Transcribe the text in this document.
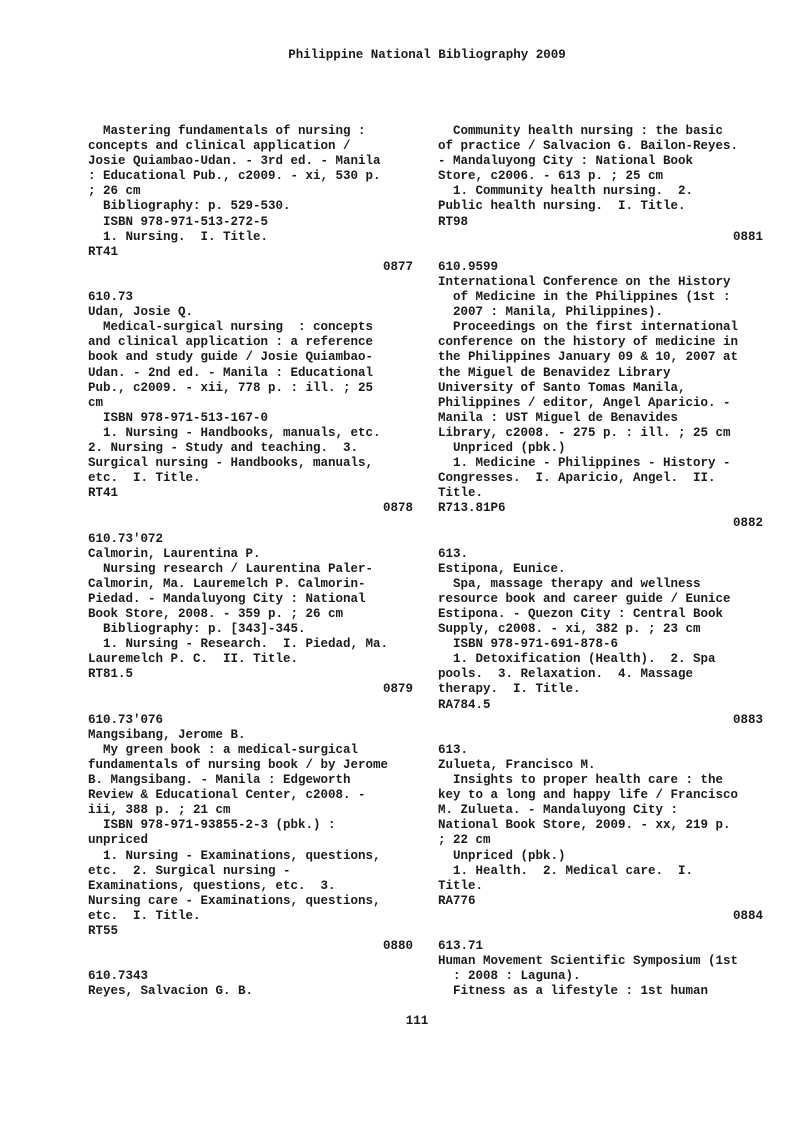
Philippine National Bibliography 2009
Mastering fundamentals of nursing :
concepts and clinical application /
Josie Quiambao-Udan. - 3rd ed. - Manila
: Educational Pub., c2009. - xi, 530 p.
; 26 cm
Bibliography: p. 529-530.
ISBN 978-971-513-272-5
1. Nursing.  I. Title.
RT41
0877
610.73
Udan, Josie Q.
Medical-surgical nursing  : concepts
and clinical application : a reference
book and study guide / Josie Quiambao-
Udan. - 2nd ed. - Manila : Educational
Pub., c2009. - xii, 778 p. : ill. ; 25
cm
ISBN 978-971-513-167-0
1. Nursing - Handbooks, manuals, etc.
2. Nursing - Study and teaching.  3.
Surgical nursing - Handbooks, manuals,
etc.  I. Title.
RT41
0878
610.73'072
Calmorin, Laurentina P.
Nursing research / Laurentina Paler-
Calmorin, Ma. Lauremelch P. Calmorin-
Piedad. - Mandaluyong City : National
Book Store, 2008. - 359 p. ; 26 cm
Bibliography: p. [343]-345.
1. Nursing - Research.  I. Piedad, Ma.
Lauremelch P. C.  II. Title.
RT81.5
0879
610.73'076
Mangsibang, Jerome B.
My green book : a medical-surgical
fundamentals of nursing book / by Jerome
B. Mangsibang. - Manila : Edgeworth
Review & Educational Center, c2008. -
iii, 388 p. ; 21 cm
ISBN 978-971-93855-2-3 (pbk.) :
unpriced
1. Nursing - Examinations, questions,
etc.  2. Surgical nursing -
Examinations, questions, etc.  3.
Nursing care - Examinations, questions,
etc.  I. Title.
RT55
0880
610.7343
Reyes, Salvacion G. B.
Community health nursing : the basic
of practice / Salvacion G. Bailon-Reyes.
- Mandaluyong City : National Book
Store, c2006. - 613 p. ; 25 cm
1. Community health nursing.  2.
Public health nursing.  I. Title.
RT98
0881
610.9599
International Conference on the History
of Medicine in the Philippines (1st :
2007 : Manila, Philippines).
Proceedings on the first international
conference on the history of medicine in
the Philippines January 09 & 10, 2007 at
the Miguel de Benavidez Library
University of Santo Tomas Manila,
Philippines / editor, Angel Aparicio. -
Manila : UST Miguel de Benavides
Library, c2008. - 275 p. : ill. ; 25 cm
Unpriced (pbk.)
1. Medicine - Philippines - History -
Congresses.  I. Aparicio, Angel.  II.
Title.
R713.81P6
0882
613.
Estipona, Eunice.
Spa, massage therapy and wellness
resource book and career guide / Eunice
Estipona. - Quezon City : Central Book
Supply, c2008. - xi, 382 p. ; 23 cm
ISBN 978-971-691-878-6
1. Detoxification (Health).  2. Spa
pools.  3. Relaxation.  4. Massage
therapy.  I. Title.
RA784.5
0883
613.
Zulueta, Francisco M.
Insights to proper health care : the
key to a long and happy life / Francisco
M. Zulueta. - Mandaluyong City :
National Book Store, 2009. - xx, 219 p.
; 22 cm
Unpriced (pbk.)
1. Health.  2. Medical care.  I.
Title.
RA776
0884
613.71
Human Movement Scientific Symposium (1st
: 2008 : Laguna).
Fitness as a lifestyle : 1st human
111
